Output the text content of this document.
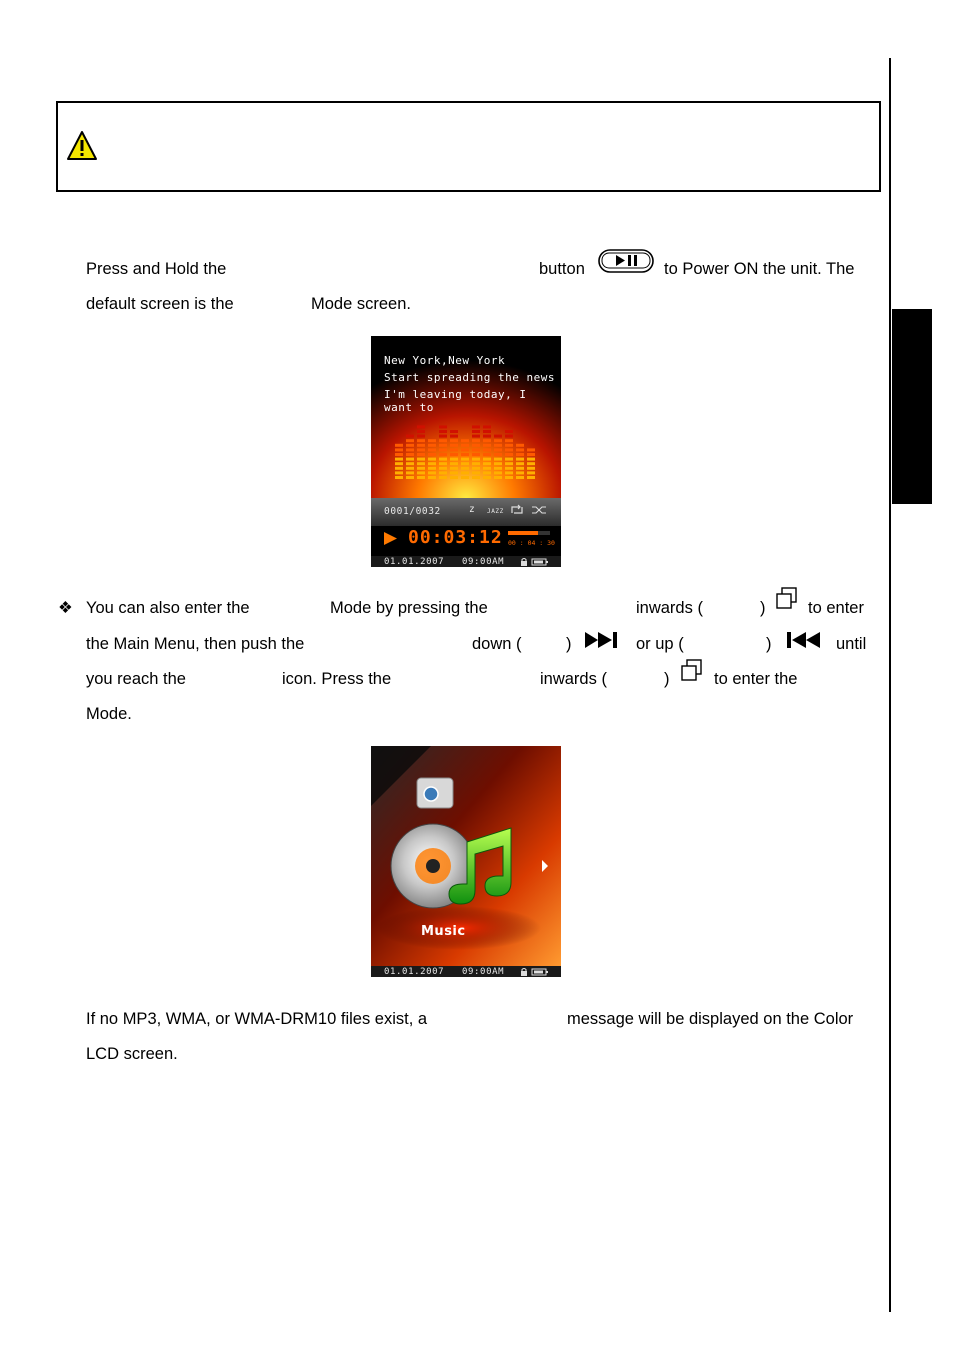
Press and Hold the	button	to Power ON the unit. The
default screen is the	Mode screen.
New York,New York
Start spreading the news
I'm leaving today, I want to
0001/0032	z JAZZ
00:03:12 00 : 04 : 30
01.01.2007 09:00AM
❖ You can also enter the	Mode by pressing the	inwards (	)	to enter
the Main Menu, then push the	down (	)	or up (	)	until
you reach the	icon. Press the	inwards (	)	to enter the
Mode.
Music
01.01.2007 09:00AM
If no MP3, WMA, or WMA-DRM10 files exist, a	message will be displayed on the Color
LCD screen.
